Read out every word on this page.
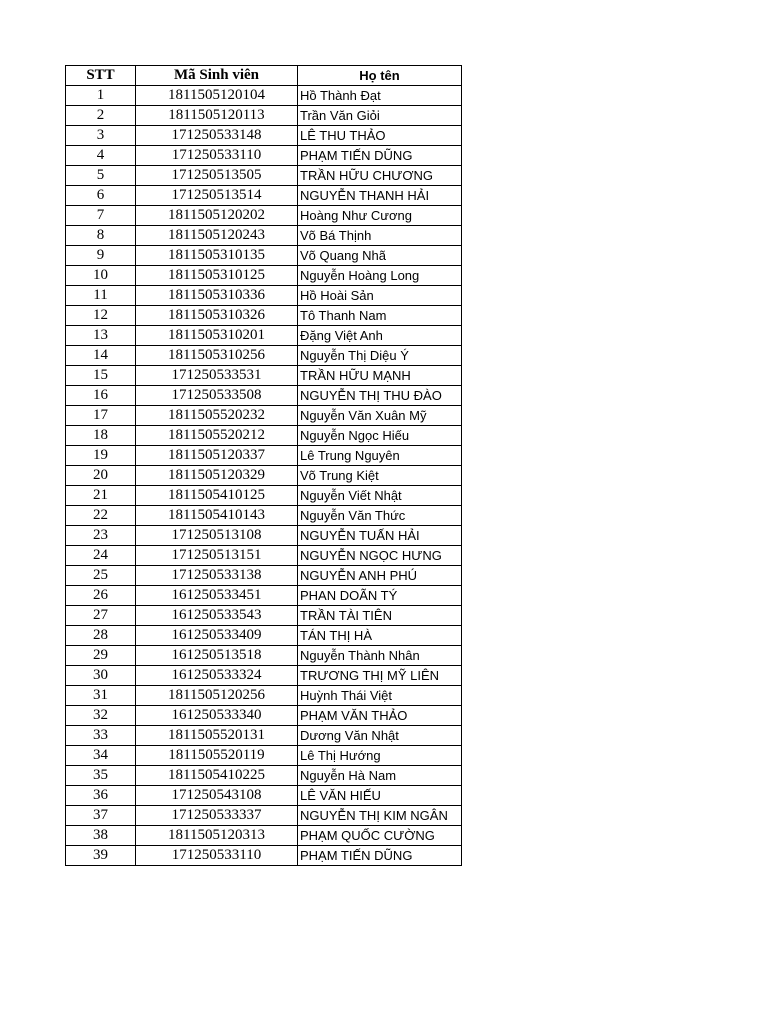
STT	Mã Sinh viên	Họ tên
1	1811505120104	Hồ Thành Đạt
2	1811505120113	Trần Văn Giỏi
3	171250533148	LÊ THU THẢO
4	171250533110	PHẠM TIẾN DŨNG
5	171250513505	TRẦN HỮU CHƯƠNG
6	171250513514	NGUYỄN THANH HẢI
7	1811505120202	Hoàng Như Cương
8	1811505120243	Võ Bá Thịnh
9	1811505310135	Võ Quang Nhã
10	1811505310125	Nguyễn Hoàng Long
11	1811505310336	Hồ Hoài Sản
12	1811505310326	Tô Thanh Nam
13	1811505310201	Đặng Việt Anh
14	1811505310256	Nguyễn Thị Diệu Ý
15	171250533531	TRẦN HỮU MẠNH
16	171250533508	NGUYỄN THỊ THU ĐÀO
17	1811505520232	Nguyễn Văn Xuân Mỹ
18	1811505520212	Nguyễn Ngọc Hiếu
19	1811505120337	Lê Trung Nguyên
20	1811505120329	Võ Trung Kiệt
21	1811505410125	Nguyễn Viết Nhật
22	1811505410143	Nguyễn Văn Thức
23	171250513108	NGUYỄN TUẤN HẢI
24	171250513151	NGUYỄN NGỌC HƯNG
25	171250533138	NGUYỄN ANH PHÚ
26	161250533451	PHAN DOÃN TÝ
27	161250533543	TRẦN TÀI TIÊN
28	161250533409	TÁN THỊ HÀ
29	161250513518	Nguyễn Thành Nhân
30	161250533324	TRƯƠNG THỊ MỸ LIÊN
31	1811505120256	Huỳnh Thái Việt
32	161250533340	PHẠM VĂN THẢO
33	1811505520131	Dương Văn Nhật
34	1811505520119	Lê Thị Hướng
35	1811505410225	Nguyễn Hà Nam
36	171250543108	LÊ VĂN HIẾU
37	171250533337	NGUYỄN THỊ KIM NGÂN
38	1811505120313	PHẠM QUỐC CƯỜNG
39	171250533110	PHẠM TIẾN DŨNG
